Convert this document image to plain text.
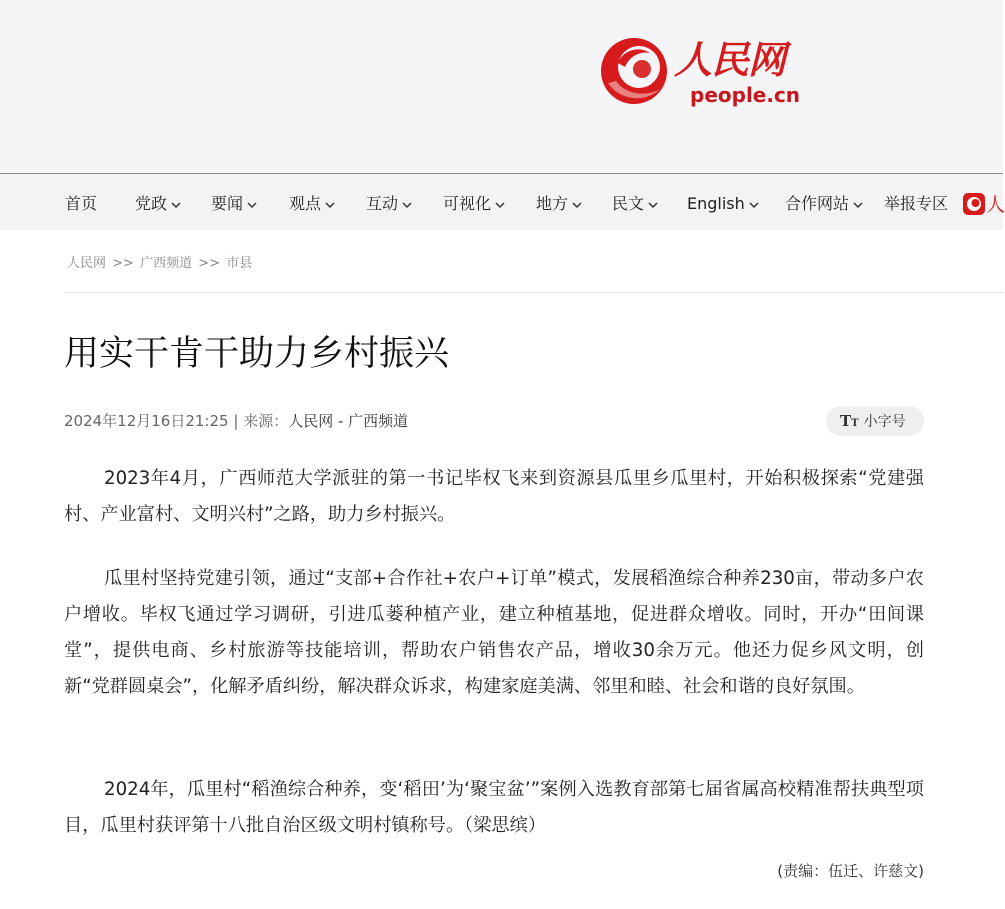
人民网
people.cn
首页 党政	要闻	观点	互动	可视化	地方	民文	English	合作网站	举报专区	人
人民网 >> 广西频道 >> 市县
用实干肯干助力乡村振兴
2024年12月16日21:25 | 来源：人民网 - 广西频道	TT 小字号

2023年4月，广西师范大学派驻的第一书记毕权飞来到资源县瓜里乡瓜里村，开始积极探索“党建强村、产业富村、文明兴村”之路，助力乡村振兴。

瓜里村坚持党建引领，通过“支部+合作社+农户+订单”模式，发展稻渔综合种养230亩，带动多户农户增收。毕权飞通过学习调研，引进瓜蒌种植产业，建立种植基地，促进群众增收。同时，开办“田间课堂”，提供电商、乡村旅游等技能培训，帮助农户销售农产品，增收30余万元。他还力促乡风文明，创新“党群圆桌会”，化解矛盾纠纷，解决群众诉求，构建家庭美满、邻里和睦、社会和谐的良好氛围。

2024年，瓜里村“稻渔综合种养，变‘稻田’为‘聚宝盆’”案例入选教育部第七届省属高校精准帮扶典型项目，瓜里村获评第十八批自治区级文明村镇称号。（梁思缤）

(责编：伍迁、许慈文)
